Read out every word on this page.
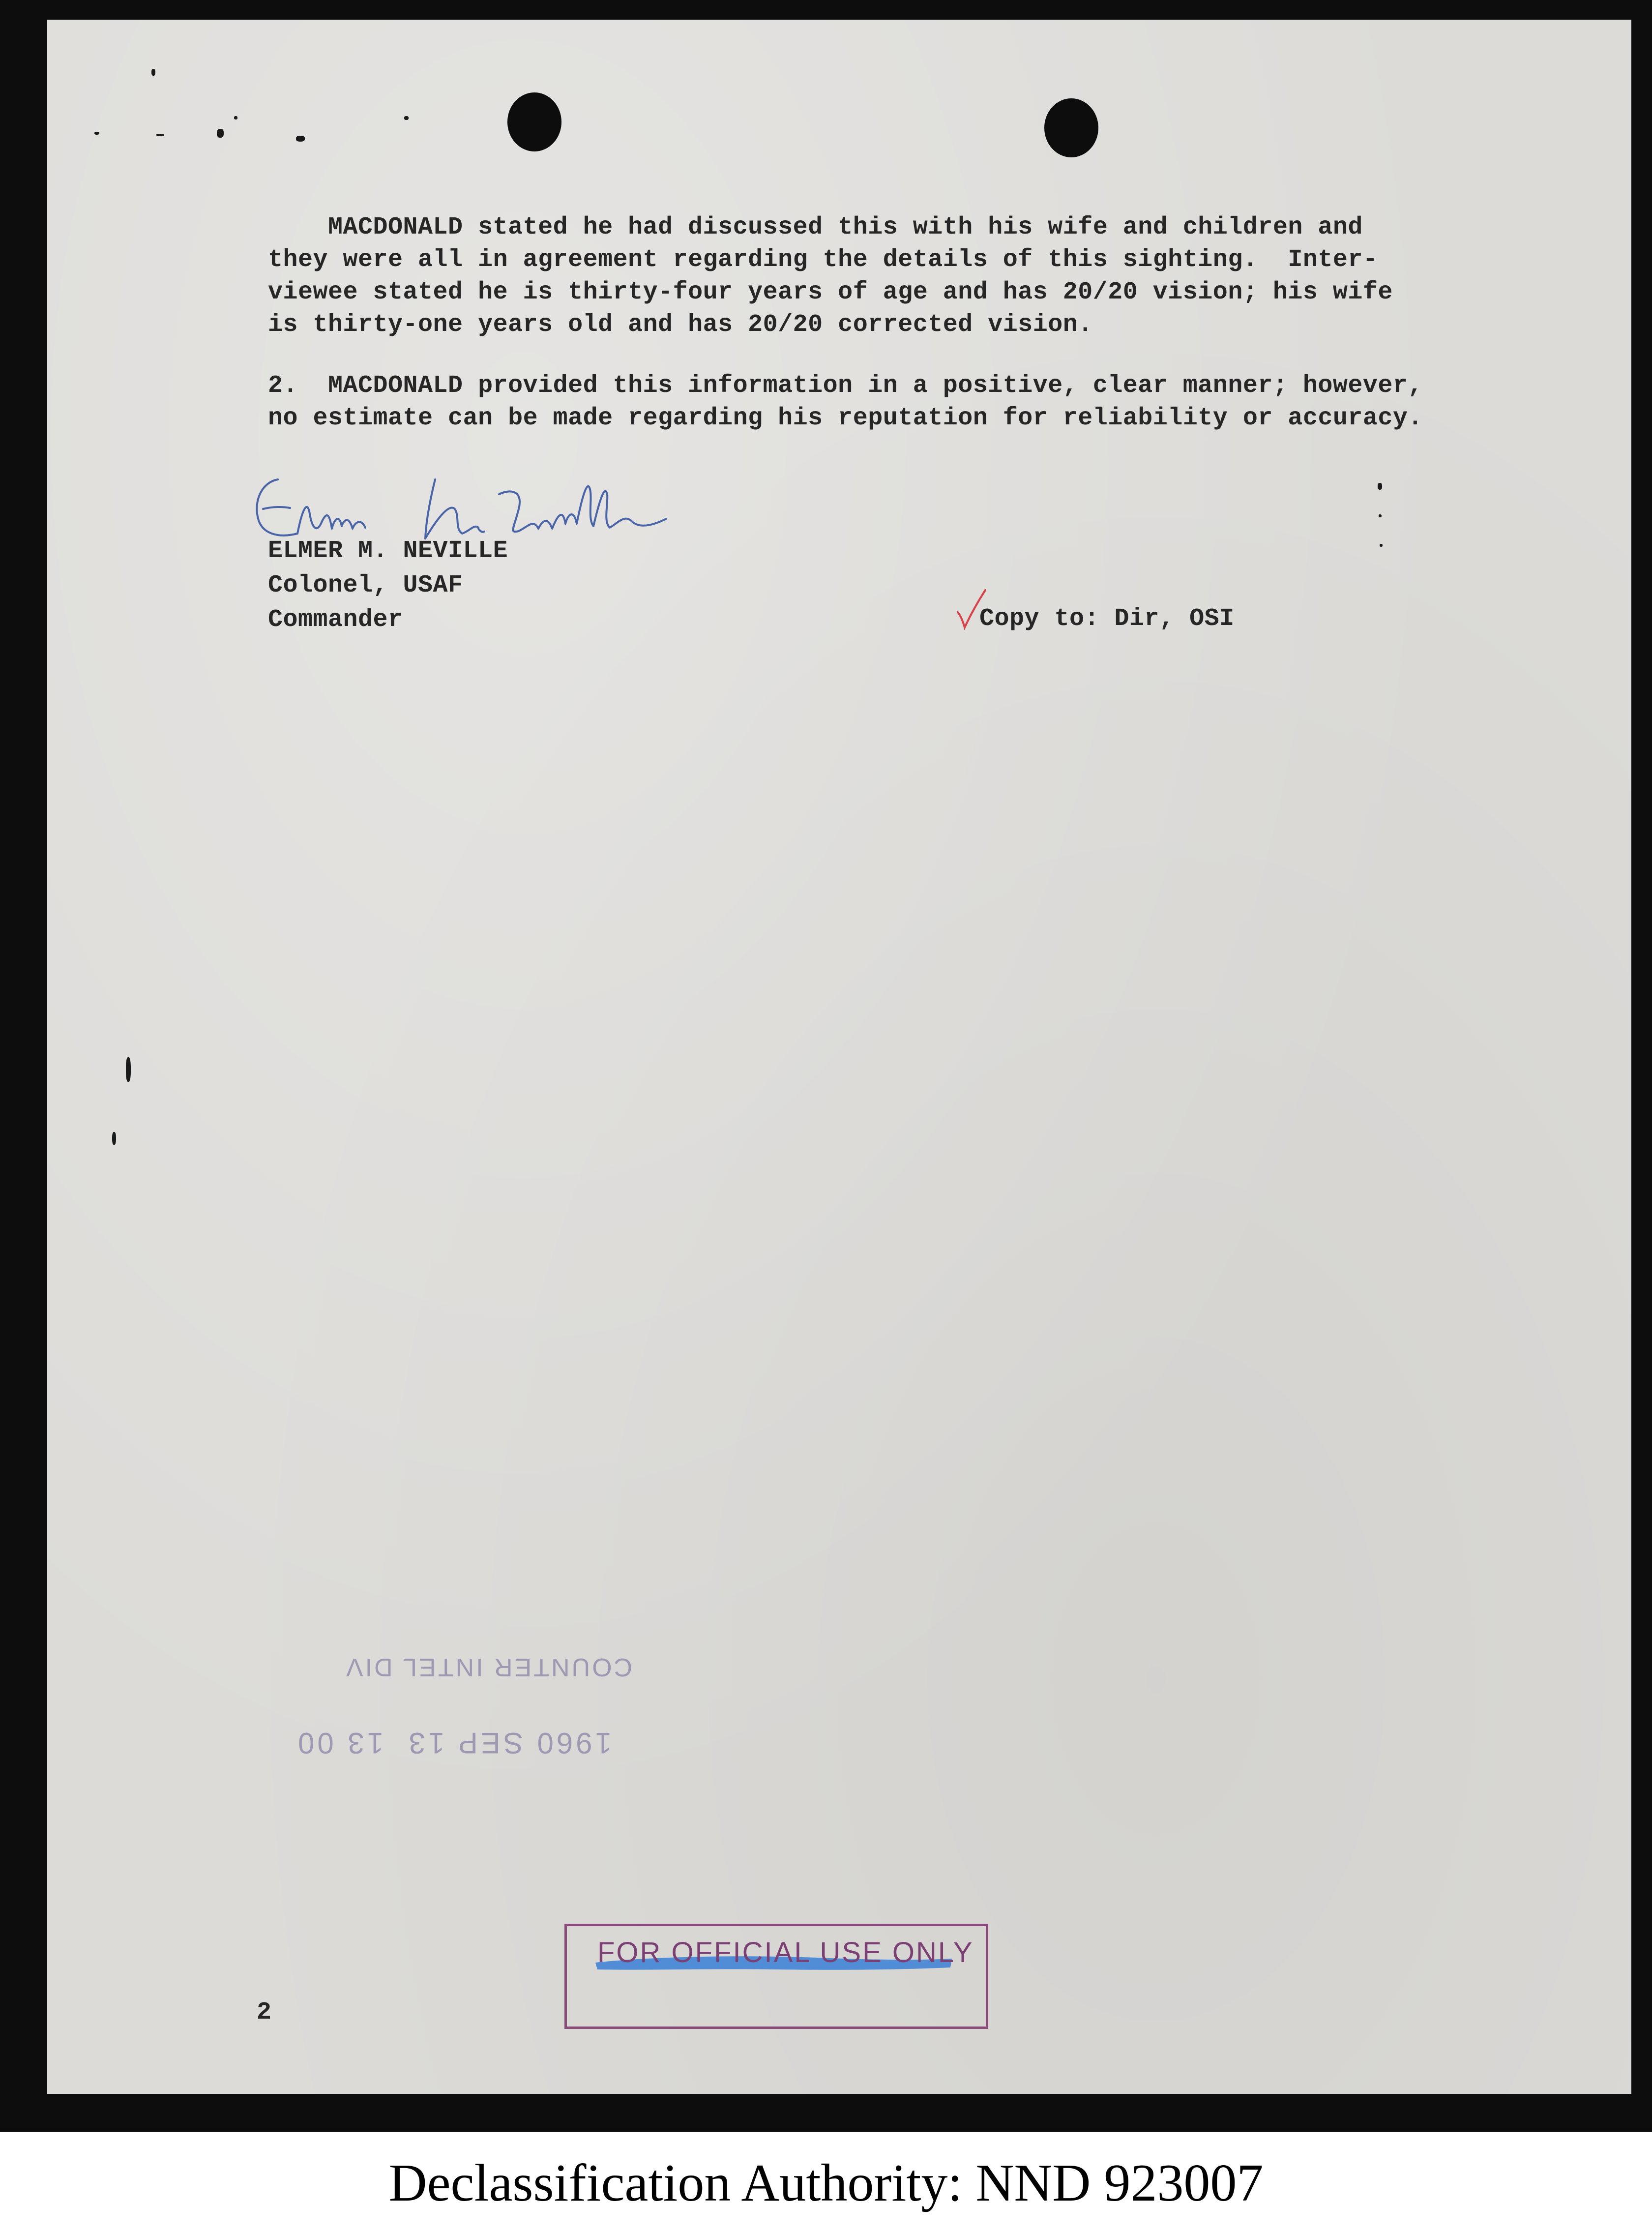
MACDONALD stated he had discussed this with his wife and children and
they were all in agreement regarding the details of this sighting.  Inter-
viewee stated he is thirty-four years of age and has 20/20 vision; his wife
is thirty-one years old and has 20/20 corrected vision.
2.  MACDONALD provided this information in a positive, clear manner; however,
no estimate can be made regarding his reputation for reliability or accuracy.
ELMER M. NEVILLE
Colonel, USAF
Commander	Copy to: Dir, OSI
COUNTER INTEL DIV
1960 SEP 13  13 00
FOR OFFICIAL USE ONLY
2
Declassification Authority: NND 923007
